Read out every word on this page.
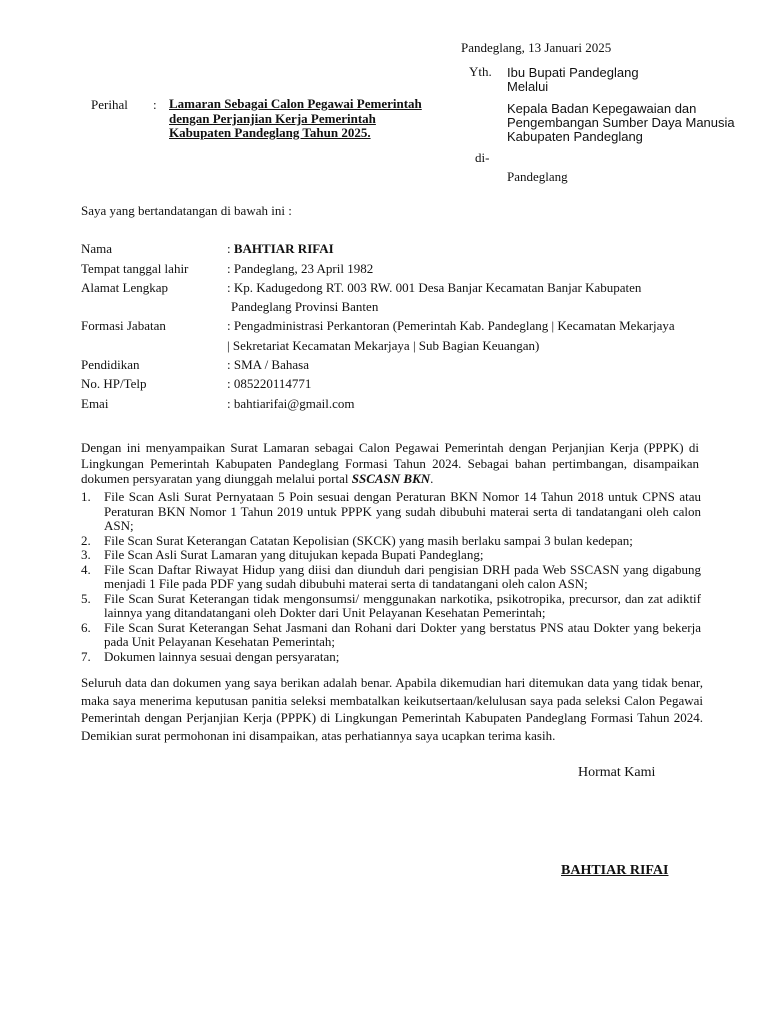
Pandeglang, 13 Januari 2025
Yth. Ibu Bupati Pandeglang
Melalui
Kepala Badan Kepegawaian dan
Pengembangan Sumber Daya Manusia
Kabupaten Pandeglang
di-
Pandeglang
Perihal : Lamaran Sebagai Calon Pegawai Pemerintah
dengan Perjanjian Kerja Pemerintah
Kabupaten Pandeglang Tahun 2025.
Saya yang bertandatangan di bawah ini :
Nama	: BAHTIAR RIFAI
Tempat tanggal lahir	: Pandeglang, 23 April 1982
Alamat Lengkap	: Kp. Kadugedong RT. 003 RW. 001 Desa Banjar Kecamatan Banjar Kabupaten
Pandeglang Provinsi Banten
Formasi Jabatan	: Pengadministrasi Perkantoran (Pemerintah Kab. Pandeglang | Kecamatan Mekarjaya
| Sekretariat Kecamatan Mekarjaya | Sub Bagian Keuangan)
Pendidikan	: SMA / Bahasa
No. HP/Telp	: 085220114771
Emai	: bahtiarifai@gmail.com
Dengan ini menyampaikan Surat Lamaran sebagai Calon Pegawai Pemerintah dengan Perjanjian Kerja (PPPK) di Lingkungan Pemerintah Kabupaten Pandeglang Formasi Tahun 2024. Sebagai bahan pertimbangan, disampaikan dokumen persyaratan yang diunggah melalui portal SSCASN BKN.
1. File Scan Asli Surat Pernyataan 5 Poin sesuai dengan Peraturan BKN Nomor 14 Tahun 2018 untuk CPNS atau Peraturan BKN Nomor 1 Tahun 2019 untuk PPPK yang sudah dibubuhi materai serta di tandatangani oleh calon ASN;
2. File Scan Surat Keterangan Catatan Kepolisian (SKCK) yang masih berlaku sampai 3 bulan kedepan;
3. File Scan Asli Surat Lamaran yang ditujukan kepada Bupati Pandeglang;
4. File Scan Daftar Riwayat Hidup yang diisi dan diunduh dari pengisian DRH pada Web SSCASN yang digabung menjadi 1 File pada PDF yang sudah dibubuhi materai serta di tandatangani oleh calon ASN;
5. File Scan Surat Keterangan tidak mengonsumsi/ menggunakan narkotika, psikotropika, precursor, dan zat adiktif lainnya yang ditandatangani oleh Dokter dari Unit Pelayanan Kesehatan Pemerintah;
6. File Scan Surat Keterangan Sehat Jasmani dan Rohani dari Dokter yang berstatus PNS atau Dokter yang bekerja pada Unit Pelayanan Kesehatan Pemerintah;
7. Dokumen lainnya sesuai dengan persyaratan;
Seluruh data dan dokumen yang saya berikan adalah benar. Apabila dikemudian hari ditemukan data yang tidak benar, maka saya menerima keputusan panitia seleksi membatalkan keikutsertaan/kelulusan saya pada seleksi Calon Pegawai Pemerintah dengan Perjanjian Kerja (PPPK) di Lingkungan Pemerintah Kabupaten Pandeglang Formasi Tahun 2024. Demikian surat permohonan ini disampaikan, atas perhatiannya saya ucapkan terima kasih.
Hormat Kami
BAHTIAR RIFAI
